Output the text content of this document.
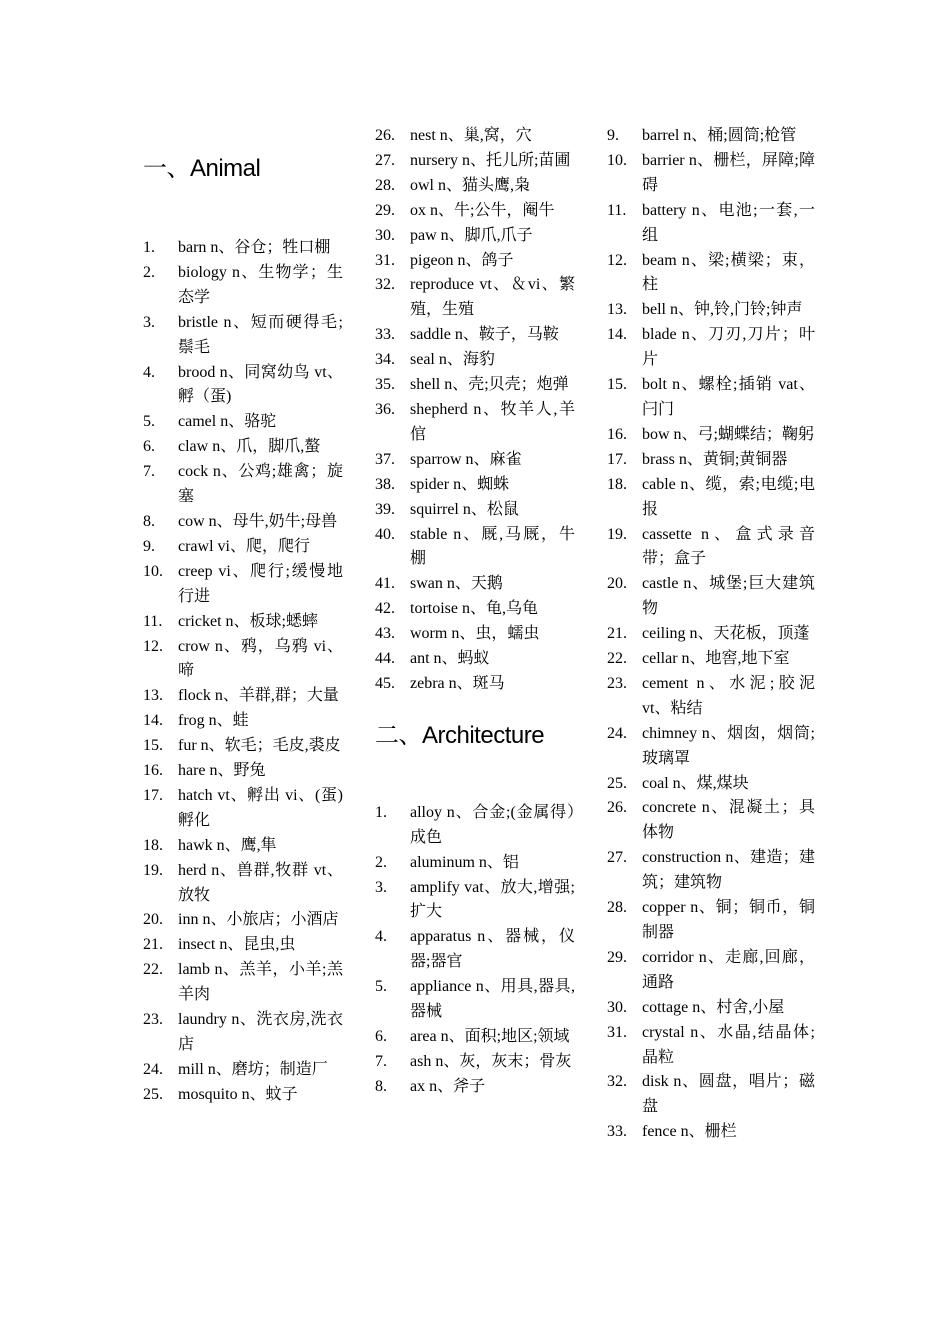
一、Animal
1.	barn n、谷仓；牲口棚
2.	biology n、生物学；生态学
3.	bristle n、短而硬得毛;鬃毛
4.	brood n、同窝幼鸟 vt、孵（蛋)
5.	camel n、骆驼
6.	claw n、爪，脚爪,螯
7.	cock n、公鸡;雄禽；旋塞
8.	cow n、母牛,奶牛;母兽
9.	crawl vi、爬，爬行
10. creep vi、爬行;缓慢地行进
11. cricket n、板球;蟋蟀
12. crow n、鸦，乌鸦 vi、啼
13. flock n、羊群,群；大量
14. frog n、蛙
15. fur n、软毛；毛皮,裘皮
16. hare n、野兔
17. hatch vt、孵出 vi、(蛋)孵化
18. hawk n、鹰,隼
19. herd n、兽群,牧群 vt、放牧
20. inn n、小旅店；小酒店
21. insect n、昆虫,虫
22. lamb n、羔羊，小羊;羔羊肉
23. laundry n、洗衣房,洗衣店
24. mill n、磨坊；制造厂
25. mosquito n、蚊子
26. nest n、巢,窝，穴
27. nursery n、托儿所;苗圃
28. owl n、猫头鹰,枭
29. ox n、牛;公牛，阉牛
30. paw n、脚爪,爪子
31. pigeon n、鸽子
32. reproduce vt、＆vi、繁殖，生殖
33. saddle n、鞍子，马鞍
34. seal n、海豹
35. shell n、壳;贝壳；炮弹
36. shepherd n、牧羊人,羊倌
37. sparrow n、麻雀
38. spider n、蜘蛛
39. squirrel n、松鼠
40. stable n、厩,马厩，牛棚
41. swan n、天鹅
42. tortoise n、龟,乌龟
43. worm n、虫，蠕虫
44. ant n、蚂蚁
45. zebra n、斑马
二、Architecture
1.	alloy n、合金;(金属得）成色
2.	aluminum n、铝
3.	amplify vat、放大,增强;扩大
4.	apparatus n、器械，仪器;器官
5.	appliance n、用具,器具,器械
6.	area n、面积;地区;领域
7.	ash n、灰，灰末；骨灰
8.	ax n、斧子
9.	barrel n、桶;圆筒;枪管
10. barrier n、栅栏，屏障;障碍
11. battery n、电池;一套,一组
12. beam n、梁;横梁；束，柱
13. bell n、钟,铃,门铃;钟声
14. blade n、刀刃,刀片；叶片
15. bolt n、螺栓;插销 vat、闩门
16. bow n、弓;蝴蝶结；鞠躬
17. brass n、黄铜;黄铜器
18. cable n、缆，索;电缆;电报
19. cassette n、盒式录音带；盒子
20. castle n、城堡;巨大建筑物
21. ceiling n、天花板，顶蓬
22. cellar n、地窖,地下室
23. cement n、水泥;胶泥 vt、粘结
24. chimney n、烟囱，烟筒;玻璃罩
25. coal n、煤,煤块
26. concrete n、混凝土；具体物
27. construction n、建造；建筑；建筑物
28. copper n、铜；铜币，铜制器
29. corridor n、走廊,回廊，通路
30. cottage n、村舍,小屋
31. crystal n、水晶,结晶体;晶粒
32. disk n、圆盘，唱片；磁盘
33. fence n、栅栏
